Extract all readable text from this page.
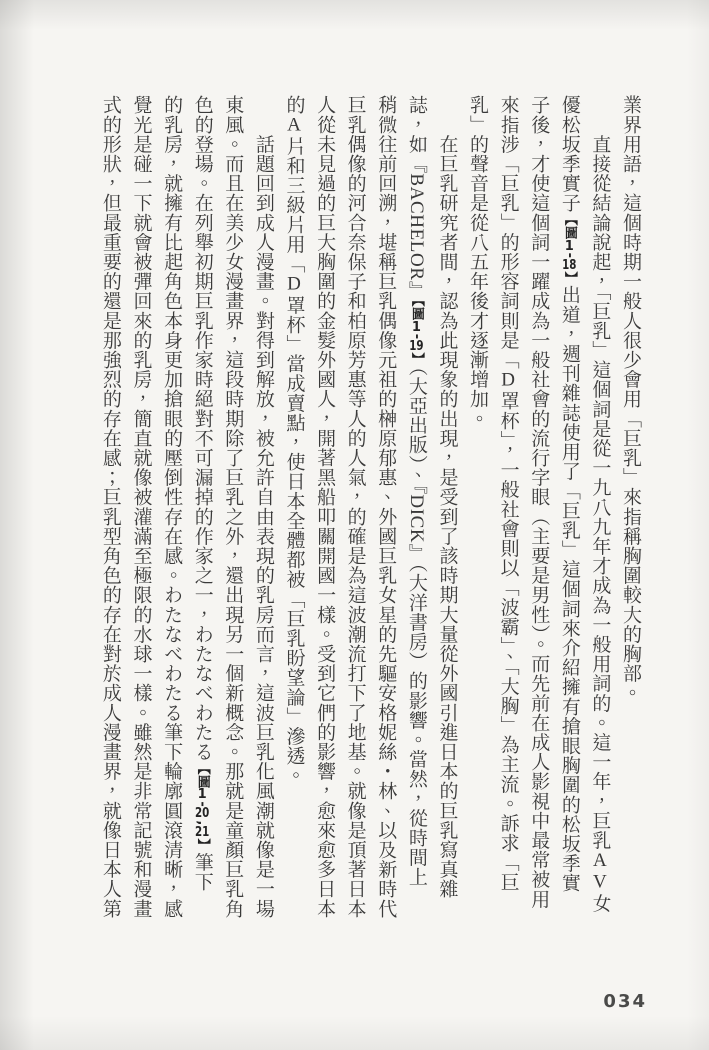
業界用語，這個時期一般人很少會用「巨乳」來指稱胸圍較大的胸部。
　　直接從結論說起，「巨乳」這個詞是從一九八九年才成為一般用詞的。這一年，巨乳AV女
優松坂季實子【圖1-18】出道，週刊雜誌使用了「巨乳」這個詞來介紹擁有搶眼胸圍的松坂季實
子後，才使這個詞一躍成為一般社會的流行字眼（主要是男性）。而先前在成人影視中最常被用
來指涉「巨乳」的形容詞則是「D罩杯」，一般社會則以「波霸」、「大胸」為主流。訴求「巨
乳」的聲音是從八五年後才逐漸增加。
　　在巨乳研究者間，認為此現象的出現，是受到了該時期大量從外國引進日本的巨乳寫真雜
誌，如『BACHELOR』【圖1-19】（大亞出版）、『DICK』（大洋書房）的影響。當然，從時間上
稍微往前回溯，堪稱巨乳偶像元祖的榊原郁惠、外國巨乳女星的先驅安格妮絲・林、以及新時代
巨乳偶像的河合奈保子和柏原芳惠等人的人氣，的確是為這波潮流打下了地基。就像是頂著日本
人從未見過的巨大胸圍的金髮外國人，開著黑船叩關開國一樣。受到它們的影響，愈來愈多日本
的A片和三級片用「D罩杯」當成賣點，使日本全體都被「巨乳盼望論」滲透。
　　話題回到成人漫畫。對得到解放，被允許自由表現的乳房而言，這波巨乳化風潮就像是一場
東風。而且在美少女漫畫界，這段時期除了巨乳之外，還出現另一個新概念。那就是童顏巨乳角
色的登場。在列舉初期巨乳作家時絕對不可漏掉的作家之一，わたなべわたる【圖1-20,21】筆下
的乳房，就擁有比起角色本身更加搶眼的壓倒性存在感。わたなべわたる筆下輪廓圓滾清晰，感
覺光是碰一下就會被彈回來的乳房，簡直就像被灌滿至極限的水球一樣。雖然是非常記號和漫畫
式的形狀，但最重要的還是那強烈的存在感；巨乳型角色的存在對於成人漫畫界，就像日本人第
034
